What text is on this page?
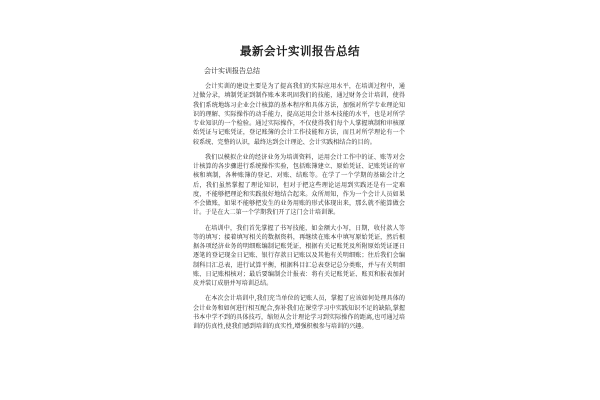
最新会计实训报告总结

会计实训报告总结

会计实训的建设主要是为了提高我们的实际应用水平，在培训过程中，通过做分录，填制凭证到制作账本来巩固我们的技能，通过财务会计培训，使得我们系统地练习企业会计核算的基本程序和具体方法，加强对所学专业理论知识的理解、实际操作的动手能力，提高运用会计基本技能的水平，也是对所学专业知识的一个检验。通过实际操作，不仅使得我们每个人掌握填制和审核原始凭证与记账凭证，登记账簿的会计工作技能和方法，而且对所学理论有一个较系统、完整的认识，最终达到会计理论、会计实践相结合的目的。

我们以模拟企业的经济业务为培训资料，运用会计工作中的证、账等对会计核算的各步骤进行系统操作实验，包括账簿建立、原始凭证、记账凭证的审核和填制，各种账簿的登记、对账、结账等。在学了一个学期的基础会计之后，我们虽然掌握了理论知识，但对于把这些理论运用到实践还是有一定难度，不能够把理论和实践很好地结合起来。众所周知，作为一个会计人员如果不会做账，如果不能够把发生的业务用账的形式体现出来，那么就不能算做会计。于是在大二第一个学期我们开了这门会计培训课。

在培训中，我们首先掌握了书写技能，如金额大小写，日期，收付款人等等的填写；接着填写相关的数据资料，再继续在账本中填写原始凭证，然后根据各项经济业务的明细账编制记账凭证，根据有关记账凭及所附原始凭证逐日逐笔的登记现金日记账、银行存款日记账以及其他有关明细账；往后我们会编制科目汇总表，进行试算平衡，根据科目汇总表登记总分类账，并与有关明细账、日记账相核对；最后要编制会计报表：将有关记账凭证、账页和报表加封皮并装订成册并写培训总结。

在本次会计培训中,我们充当单位的记账人员，掌握了应该如何处理具体的会计业务和如何进行相互配合,弥补我们在课堂学习中实践知识不足的缺陷,掌握书本中学不到的具体技巧，缩短从会计理论学习到实际操作的距离,也可通过培训的仿真性,使我们感到培训的真实性,增强积极参与培训的兴趣。
